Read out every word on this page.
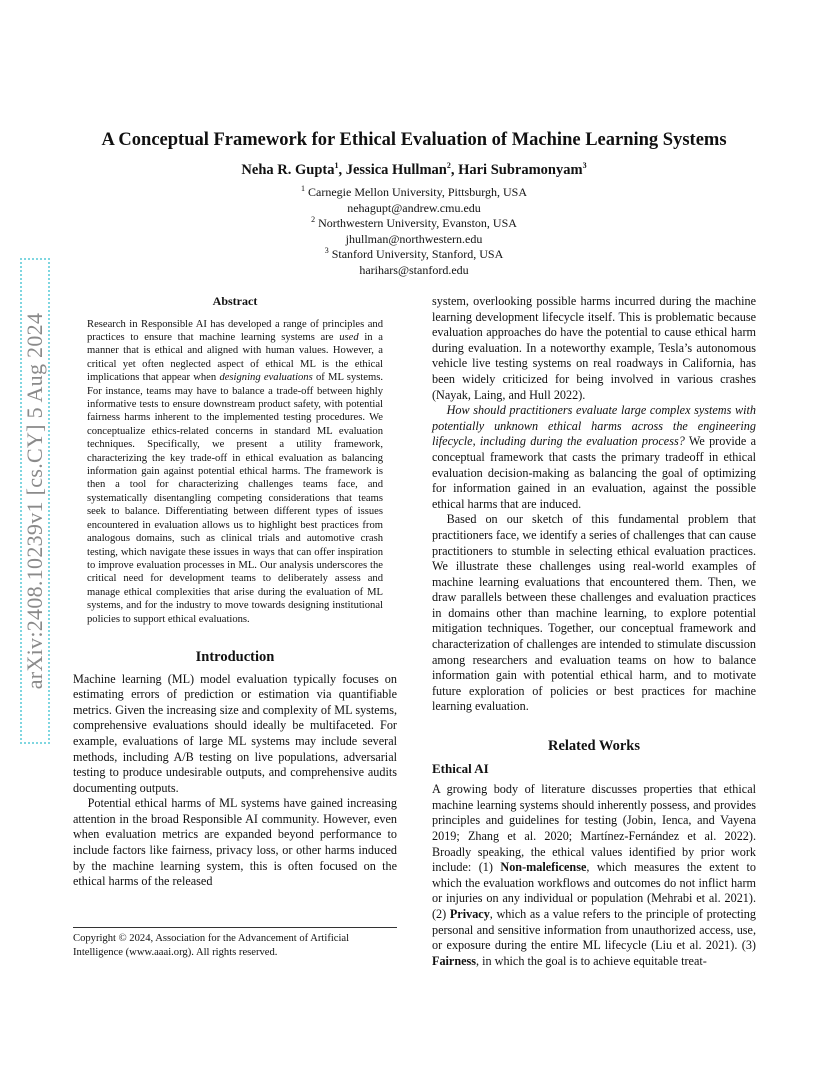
arXiv:2408.10239v1 [cs.CY] 5 Aug 2024
A Conceptual Framework for Ethical Evaluation of Machine Learning Systems
Neha R. Gupta$^1$, Jessica Hullman$^2$, Hari Subramonyam$^3$
$^1$ Carnegie Mellon University, Pittsburgh, USA
nehagupt@andrew.cmu.edu
$^2$ Northwestern University, Evanston, USA
jhullman@northwestern.edu
$^3$ Stanford University, Stanford, USA
harihars@stanford.edu
Abstract
Research in Responsible AI has developed a range of principles and practices to ensure that machine learning systems are used in a manner that is ethical and aligned with human values. However, a critical yet often neglected aspect of ethical ML is the ethical implications that appear when designing evaluations of ML systems. For instance, teams may have to balance a trade-off between highly informative tests to ensure downstream product safety, with potential fairness harms inherent to the implemented testing procedures. We conceptualize ethics-related concerns in standard ML evaluation techniques. Specifically, we present a utility framework, characterizing the key trade-off in ethical evaluation as balancing information gain against potential ethical harms. The framework is then a tool for characterizing challenges teams face, and systematically disentangling competing considerations that teams seek to balance. Differentiating between different types of issues encountered in evaluation allows us to highlight best practices from analogous domains, such as clinical trials and automotive crash testing, which navigate these issues in ways that can offer inspiration to improve evaluation processes in ML. Our analysis underscores the critical need for development teams to deliberately assess and manage ethical complexities that arise during the evaluation of ML systems, and for the industry to move towards designing institutional policies to support ethical evaluations.
Introduction

Machine learning (ML) model evaluation typically focuses on estimating errors of prediction or estimation via quantifiable metrics. Given the increasing size and complexity of ML systems, comprehensive evaluations should ideally be multifaceted. For example, evaluations of large ML systems may include several methods, including A/B testing on live populations, adversarial testing to produce undesirable outputs, and comprehensive audits documenting outputs.

Potential ethical harms of ML systems have gained increasing attention in the broad Responsible AI community. However, even when evaluation metrics are expanded beyond performance to include factors like fairness, privacy loss, or other harms induced by the machine learning system, this is often focused on the ethical harms of the released

Copyright © 2024, Association for the Advancement of Artificial Intelligence (www.aaai.org). All rights reserved.

system, overlooking possible harms incurred during the machine learning development lifecycle itself. This is problematic because evaluation approaches do have the potential to cause ethical harm during evaluation. In a noteworthy example, Tesla’s autonomous vehicle live testing systems on real roadways in California, has been widely criticized for being involved in various crashes (Nayak, Laing, and Hull 2022).

How should practitioners evaluate large complex systems with potentially unknown ethical harms across the engineering lifecycle, including during the evaluation process? We provide a conceptual framework that casts the primary tradeoff in ethical evaluation decision-making as balancing the goal of optimizing for information gained in an evaluation, against the possible ethical harms that are induced.

Based on our sketch of this fundamental problem that practitioners face, we identify a series of challenges that can cause practitioners to stumble in selecting ethical evaluation practices. We illustrate these challenges using real-world examples of machine learning evaluations that encountered them. Then, we draw parallels between these challenges and evaluation practices in domains other than machine learning, to explore potential mitigation techniques. Together, our conceptual framework and characterization of challenges are intended to stimulate discussion among researchers and evaluation teams on how to balance information gain with potential ethical harm, and to motivate future exploration of policies or best practices for machine learning evaluation.

Related Works
Ethical AI

A growing body of literature discusses properties that ethical machine learning systems should inherently possess, and provides principles and guidelines for testing (Jobin, Ienca, and Vayena 2019; Zhang et al. 2020; Martínez-Fernández et al. 2022). Broadly speaking, the ethical values identified by prior work include: (1) Non-maleficense, which measures the extent to which the evaluation workflows and outcomes do not inflict harm or injuries on any individual or population (Mehrabi et al. 2021). (2) Privacy, which as a value refers to the principle of protecting personal and sensitive information from unauthorized access, use, or exposure during the entire ML lifecycle (Liu et al. 2021). (3) Fairness, in which the goal is to achieve equitable treat-
